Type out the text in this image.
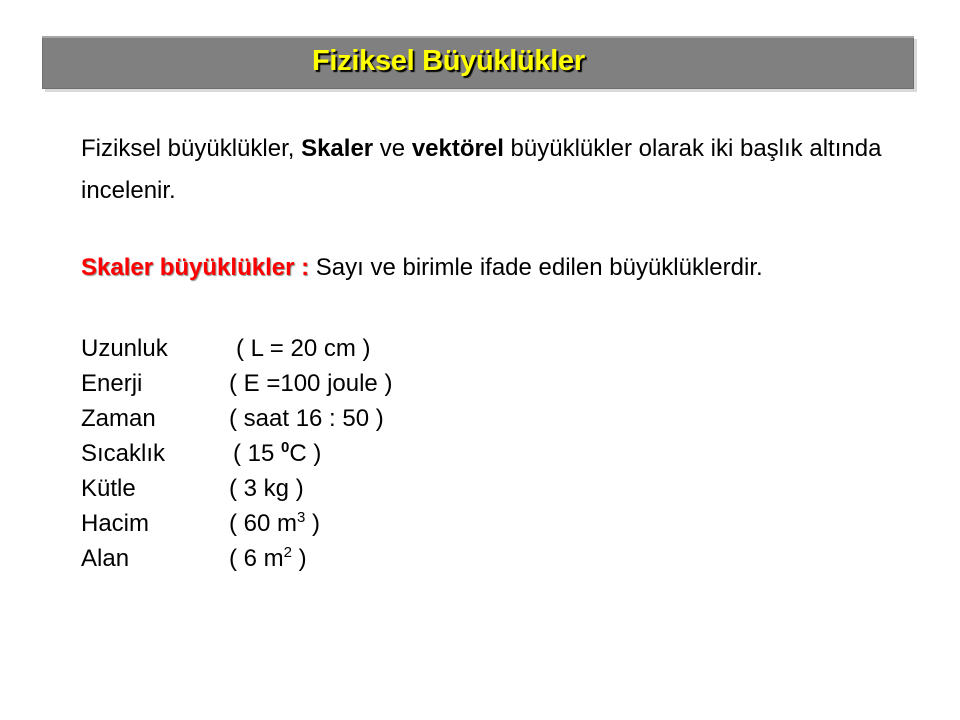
Fiziksel Büyüklükler
Fiziksel büyüklükler, Skaler ve vektörel büyüklükler olarak iki başlık altında incelenir.
Skaler büyüklükler : Sayı ve birimle ifade edilen büyüklüklerdir.
Uzunluk	( L = 20 cm )
Enerji	( E =100 joule )
Zaman	( saat 16 : 50 )
Sıcaklık	( 15 $^0$C )
Kütle	( 3 kg )
Hacim	( 60 $m^3$ )
Alan	( 6 $m^2$ )
